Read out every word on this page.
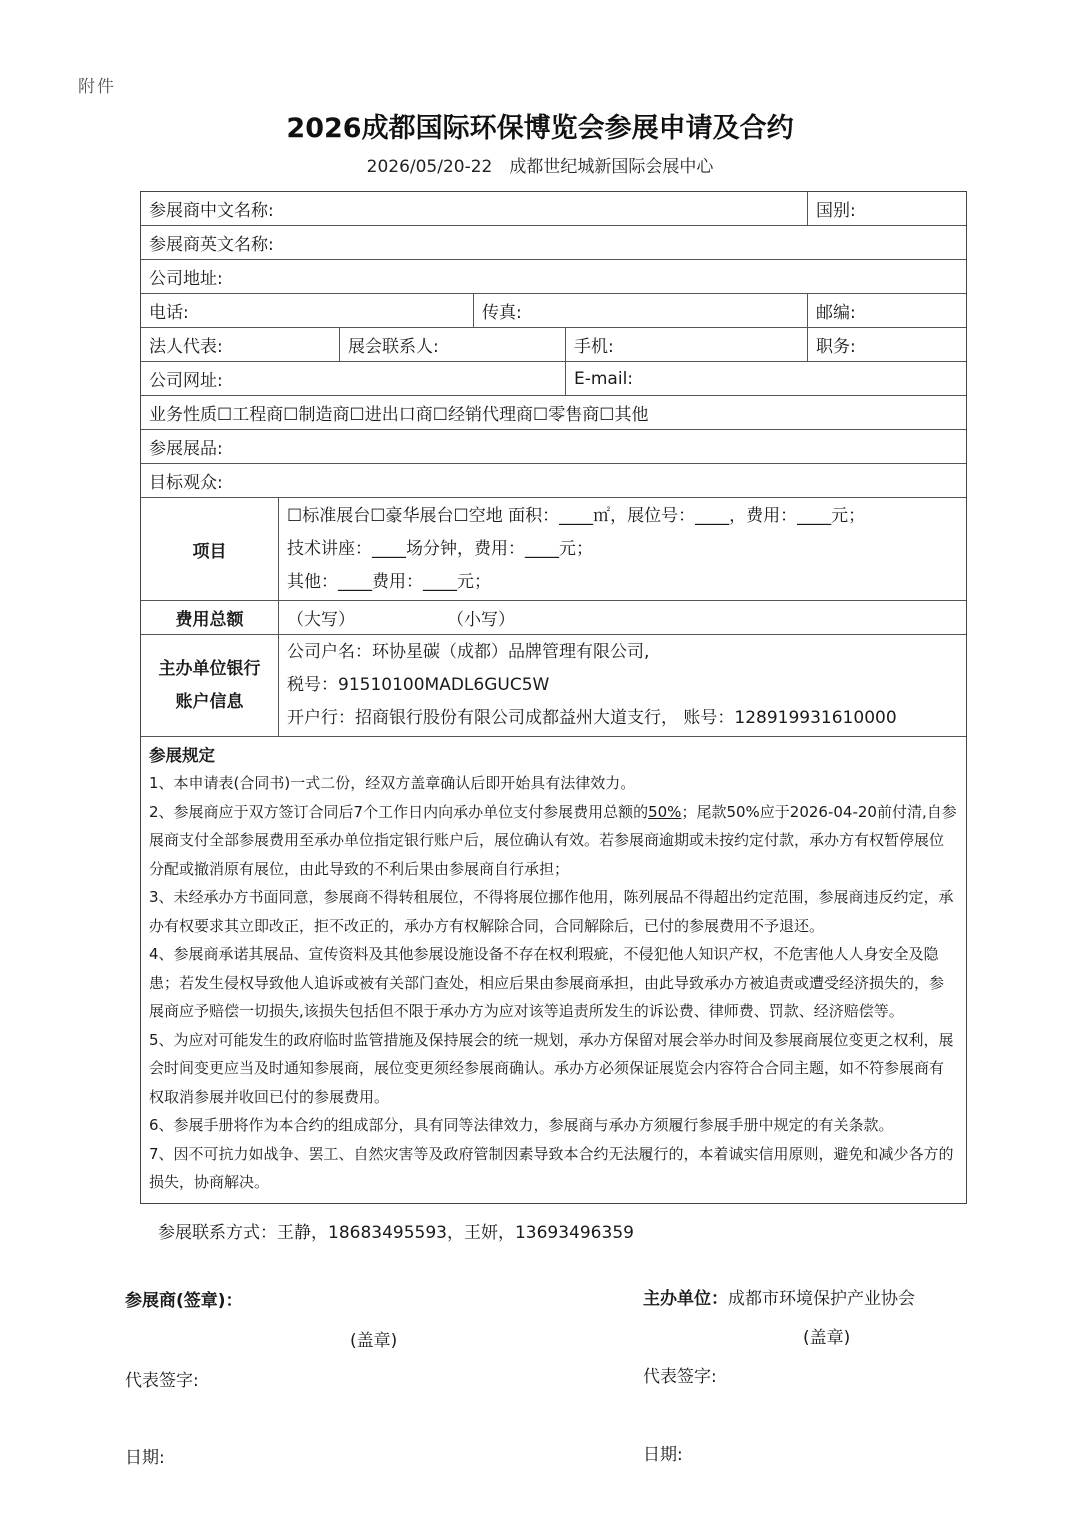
附件
2026成都国际环保博览会参展申请及合约
2026/05/20-22　成都世纪城新国际会展中心
参展商中文名称:	国别:
参展商英文名称:
公司地址:
电话:	传真:	邮编:
法人代表:	展会联系人:	手机:	职务:
公司网址:	E-mail:
业务性质☐工程商☐制造商☐进出口商☐经销代理商☐零售商☐其他
参展展品:
目标观众:
项目
☐标准展台☐豪华展台☐空地 面积：____㎡，展位号：____，费用：____元；
技术讲座：____场分钟，费用：____元；
其他：____费用：____元；
费用总额	（大写）	（小写）
主办单位银行
账户信息
公司户名：环协星碳（成都）品牌管理有限公司,
税号：91510100MADL6GUC5W
开户行：招商银行股份有限公司成都益州大道支行， 账号：128919931610000
参展规定
1、本申请表(合同书)一式二份，经双方盖章确认后即开始具有法律效力。
2、参展商应于双方签订合同后7个工作日内向承办单位支付参展费用总额的50%；尾款50%应于2026-04-20前付清,自参展商支付全部参展费用至承办单位指定银行账户后，展位确认有效。若参展商逾期或未按约定付款，承办方有权暂停展位分配或撤消原有展位，由此导致的不利后果由参展商自行承担；
3、未经承办方书面同意，参展商不得转租展位，不得将展位挪作他用，陈列展品不得超出约定范围，参展商违反约定，承办有权要求其立即改正，拒不改正的，承办方有权解除合同，合同解除后，已付的参展费用不予退还。
4、参展商承诺其展品、宣传资料及其他参展设施设备不存在权利瑕疵，不侵犯他人知识产权，不危害他人人身安全及隐患；若发生侵权导致他人追诉或被有关部门查处，相应后果由参展商承担，由此导致承办方被追责或遭受经济损失的，参展商应予赔偿一切损失,该损失包括但不限于承办方为应对该等追责所发生的诉讼费、律师费、罚款、经济赔偿等。
5、为应对可能发生的政府临时监管措施及保持展会的统一规划，承办方保留对展会举办时间及参展商展位变更之权利，展会时间变更应当及时通知参展商，展位变更须经参展商确认。承办方必须保证展览会内容符合合同主题，如不符参展商有权取消参展并收回已付的参展费用。
6、参展手册将作为本合约的组成部分，具有同等法律效力，参展商与承办方须履行参展手册中规定的有关条款。
7、因不可抗力如战争、罢工、自然灾害等及政府管制因素导致本合约无法履行的，本着诚实信用原则，避免和减少各方的损失，协商解决。
参展联系方式：王静，18683495593，王妍，13693496359
参展商(签章)：
(盖章)
代表签字:
日期:
主办单位：成都市环境保护产业协会
(盖章)
代表签字:
日期:
